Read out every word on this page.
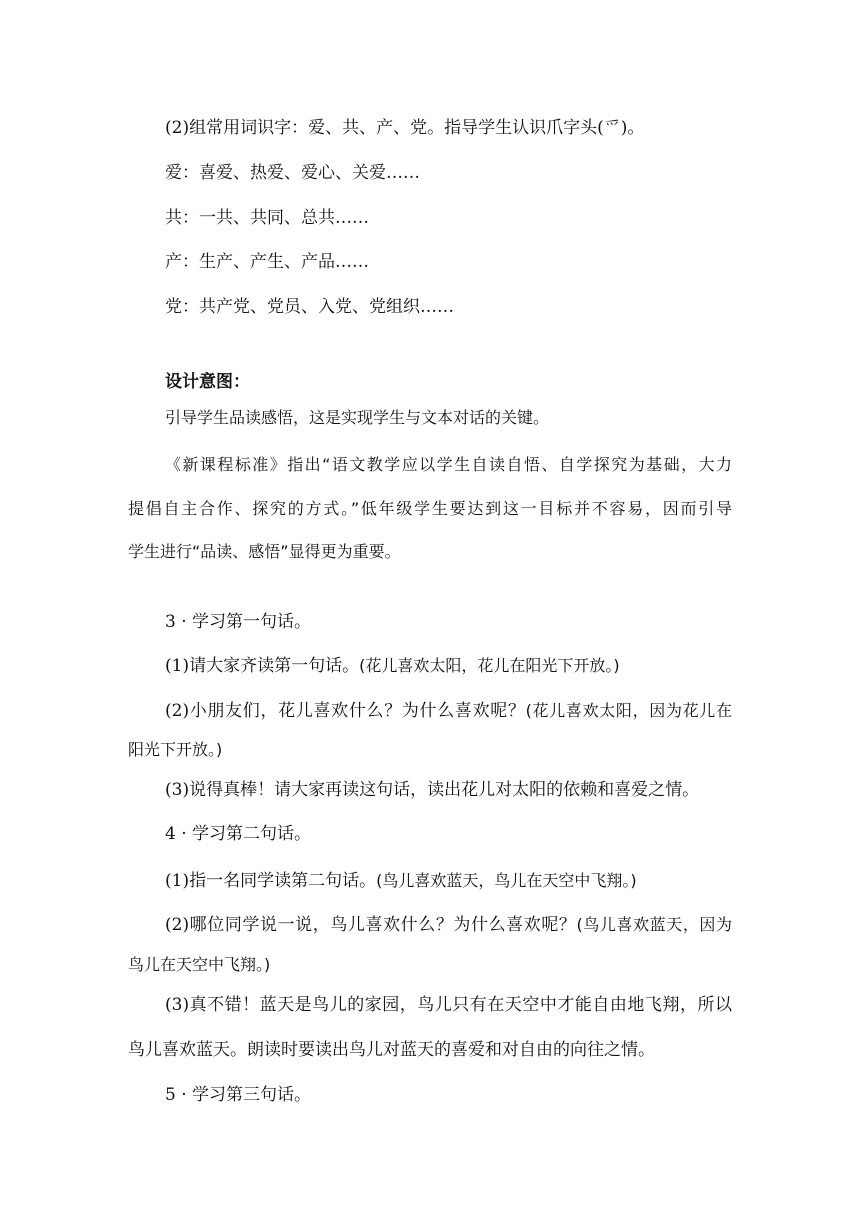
(2)组常用词识字：爱、共、产、党。指导学生认识爪字头(爫)。
爱：喜爱、热爱、爱心、关爱……
共：一共、共同、总共……
产：生产、产生、产品……
党：共产党、党员、入党、党组织……
设计意图：
引导学生品读感悟，这是实现学生与文本对话的关键。
《新课程标准》指出“语文教学应以学生自读自悟、自学探究为基础，大力
提倡自主合作、探究的方式。”低年级学生要达到这一目标并不容易，因而引导
学生进行“品读、感悟”显得更为重要。
3 · 学习第一句话。
(1)请大家齐读第一句话。(花儿喜欢太阳，花儿在阳光下开放。)
(2)小朋友们，花儿喜欢什么？为什么喜欢呢？(花儿喜欢太阳，因为花儿在
阳光下开放。)
(3)说得真棒！请大家再读这句话，读出花儿对太阳的依赖和喜爱之情。
4 · 学习第二句话。
(1)指一名同学读第二句话。(鸟儿喜欢蓝天，鸟儿在天空中飞翔。)
(2)哪位同学说一说，鸟儿喜欢什么？为什么喜欢呢？(鸟儿喜欢蓝天，因为
鸟儿在天空中飞翔。)
(3)真不错！蓝天是鸟儿的家园，鸟儿只有在天空中才能自由地飞翔，所以
鸟儿喜欢蓝天。朗读时要读出鸟儿对蓝天的喜爱和对自由的向往之情。
5 · 学习第三句话。
